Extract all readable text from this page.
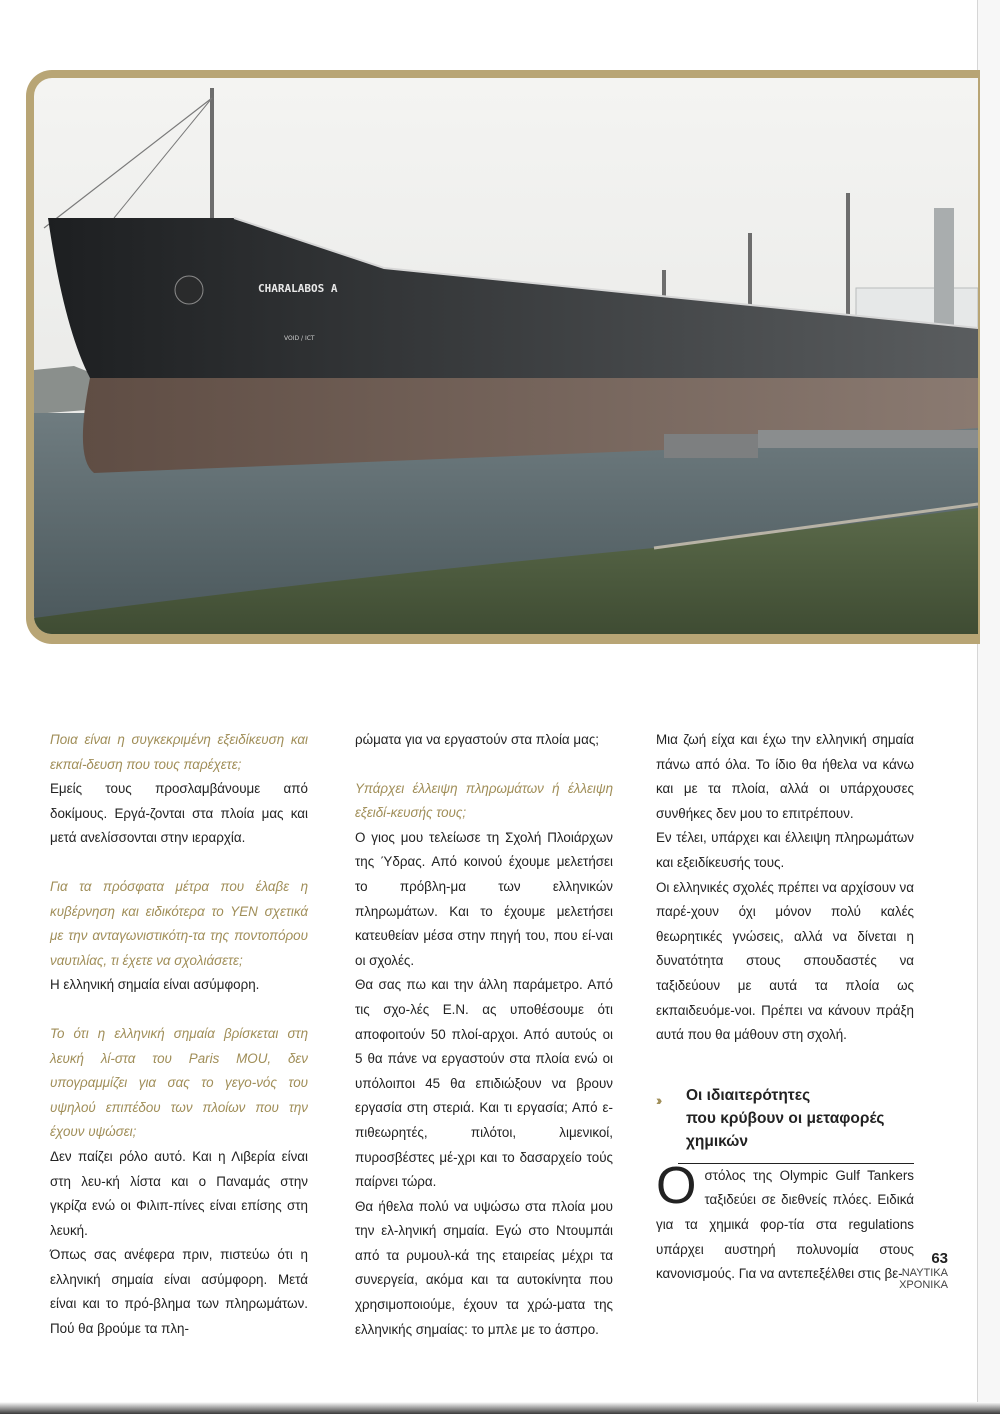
CHARALABOS A
VOID / ICT

Ποια είναι η συγκεκριμένη εξειδίκευση και εκπαί-δευση που τους παρέχετε;

Εμείς τους προσλαμβάνουμε από δοκίμους. Εργά-ζονται στα πλοία μας και μετά ανελίσσονται στην ιεραρχία.

Για τα πρόσφατα μέτρα που έλαβε η κυβέρνηση και ειδικότερα το ΥΕΝ σχετικά με την ανταγωνιστικότη-τα της ποντοπόρου ναυτιλίας, τι έχετε να σχολιάσετε;

Η ελληνική σημαία είναι ασύμφορη.

Το ότι η ελληνική σημαία βρίσκεται στη λευκή λί-στα του Paris MOU, δεν υπογραμμίζει για σας το γεγο-νός του υψηλού επιπέδου των πλοίων που την έχουν υψώσει;

Δεν παίζει ρόλο αυτό. Και η Λιβερία είναι στη λευ-κή λίστα και ο Παναμάς στην γκρίζα ενώ οι Φιλιπ-πίνες είναι επίσης στη λευκή.

Όπως σας ανέφερα πριν, πιστεύω ότι η ελληνική σημαία είναι ασύμφορη. Μετά είναι και το πρό-βλημα των πληρωμάτων. Πού θα βρούμε τα πλη-

ρώματα για να εργαστούν στα πλοία μας;

Υπάρχει έλλειψη πληρωμάτων ή έλλειψη εξειδί-κευσής τους;

Ο γιος μου τελείωσε τη Σχολή Πλοιάρχων της Ύδρας. Από κοινού έχουμε μελετήσει το πρόβλη-μα των ελληνικών πληρωμάτων. Και το έχουμε μελετήσει κατευθείαν μέσα στην πηγή του, που εί-ναι οι σχολές.

Θα σας πω και την άλλη παράμετρο. Από τις σχο-λές Ε.Ν. ας υποθέσουμε ότι αποφοιτούν 50 πλοί-αρχοι. Από αυτούς οι 5 θα πάνε να εργαστούν στα πλοία ενώ οι υπόλοιποι 45 θα επιδιώξουν να βρουν εργασία στη στεριά. Και τι εργασία; Από ε-πιθεωρητές, πιλότοι, λιμενικοί, πυροσβέστες μέ-χρι και το δασαρχείο τούς παίρνει τώρα.

Θα ήθελα πολύ να υψώσω στα πλοία μου την ελ-ληνική σημαία. Εγώ στο Ντουμπάι από τα ρυμουλ-κά της εταιρείας μέχρι τα συνεργεία, ακόμα και τα αυτοκίνητα που χρησιμοποιούμε, έχουν τα χρώ-ματα της ελληνικής σημαίας: το μπλε με το άσπρο.

Μια ζωή είχα και έχω την ελληνική σημαία πάνω από όλα. Το ίδιο θα ήθελα να κάνω και με τα πλοία, αλλά οι υπάρχουσες συνθήκες δεν μου το επιτρέπουν.

Εν τέλει, υπάρχει και έλλειψη πληρωμάτων και εξειδίκευσής τους.

Οι ελληνικές σχολές πρέπει να αρχίσουν να παρέ-χουν όχι μόνον πολύ καλές θεωρητικές γνώσεις, αλλά να δίνεται η δυνατότητα στους σπουδαστές να ταξιδεύουν με αυτά τα πλοία ως εκπαιδευόμε-νοι. Πρέπει να κάνουν πράξη αυτά που θα μάθουν στη σχολή.

›› Οι ιδιαιτερότητες
που κρύβουν οι μεταφορές
χημικών

Ο στόλος της Olympic Gulf Tankers ταξιδεύει σε διεθνείς πλόες. Ειδικά για τα χημικά φορ-τία στα regulations υπάρχει αυστηρή πολυνομία στους κανονισμούς. Για να αντεπεξέλθει στις βε-

63
ΝΑΥΤΙΚΑ
ΧΡΟΝΙΚΑ
